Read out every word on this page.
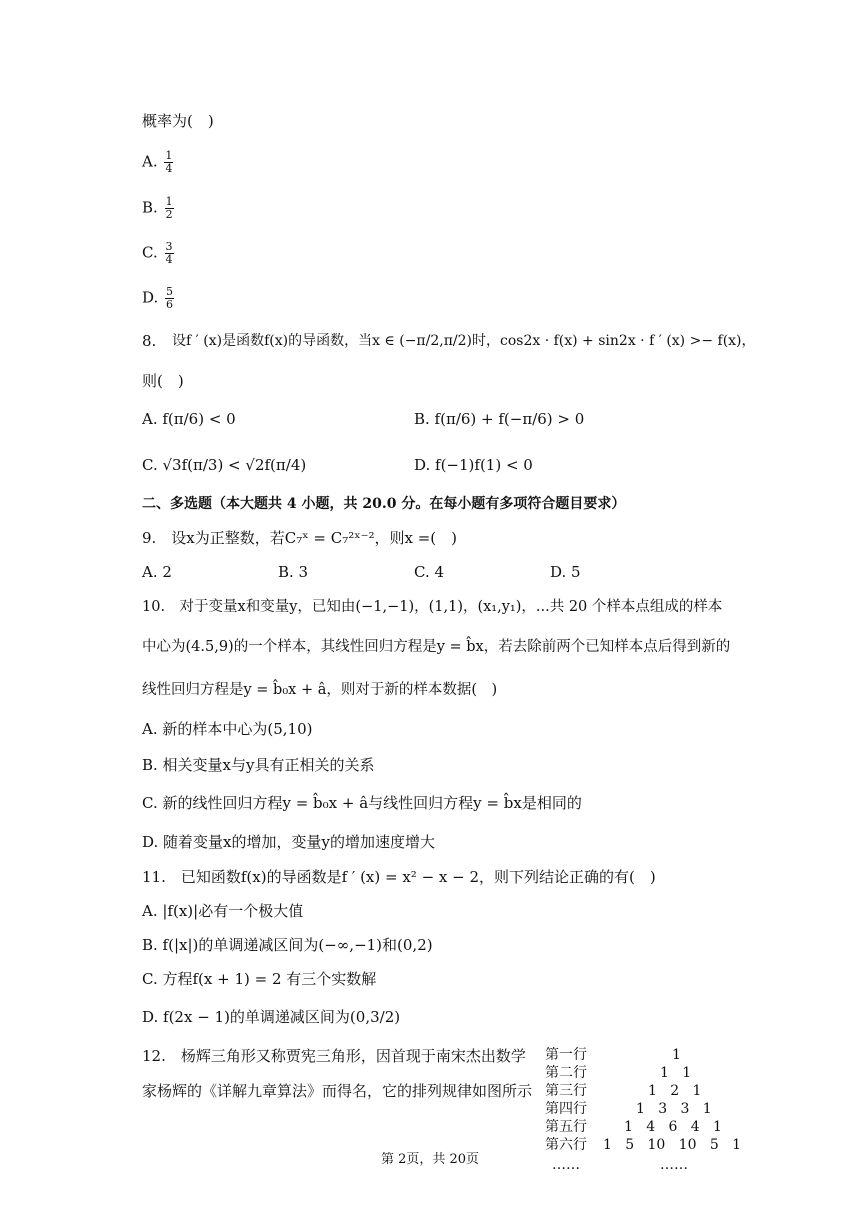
概率为( )
A. $\frac{1}{4}$
B. $\frac{1}{2}$
C. $\frac{3}{4}$
D. $\frac{5}{6}$
8. 设f ′ (x)是函数f(x)的导函数，当x ∈ (−π/2,π/2)时，cos2x · f(x) + sin2x · f ′ (x) >− f(x)，
则( )
A. f(π/6) < 0	B. f(π/6) + f(−π/6) > 0
C. √3f(π/3) < √2f(π/4)	D. f(−1)f(1) < 0
二、多选题（本大题共 4 小题，共 20.0 分。在每小题有多项符合题目要求）
9. 设x为正整数，若C₇ˣ = C₇²ˣ⁻²，则x =( )
A. 2	B. 3	C. 4	D. 5
10. 对于变量x和变量y，已知由(−1,−1)，(1,1)，(x₁,y₁)，...共 20 个样本点组成的样本
中心为(4.5,9)的一个样本，其线性回归方程是y = b̂x，若去除前两个已知样本点后得到新的
线性回归方程是y = b̂₀x + â，则对于新的样本数据( )
A. 新的样本中心为(5,10)
B. 相关变量x与y具有正相关的关系
C. 新的线性回归方程y = b̂₀x + â与线性回归方程y = b̂x是相同的
D. 随着变量x的增加，变量y的增加速度增大
11. 已知函数f(x)的导函数是f ′ (x) = x² − x − 2，则下列结论正确的有( )
A. |f(x)|必有一个极大值
B. f(|x|)的单调递减区间为(−∞,−1)和(0,2)
C. 方程f(x + 1) = 2 有三个实数解
D. f(2x − 1)的单调递减区间为(0,3/2)
12. 杨辉三角形又称贾宪三角形，因首现于南宋杰出数学
家杨辉的《详解九章算法》而得名，它的排列规律如图所示
第一行	1
第二行	1   1
第三行	1   2   1
第四行	1   3   3   1
第五行	1   4   6   4   1
第六行 1   5   10   10   5   1
……	……
第 2页，共 20页
